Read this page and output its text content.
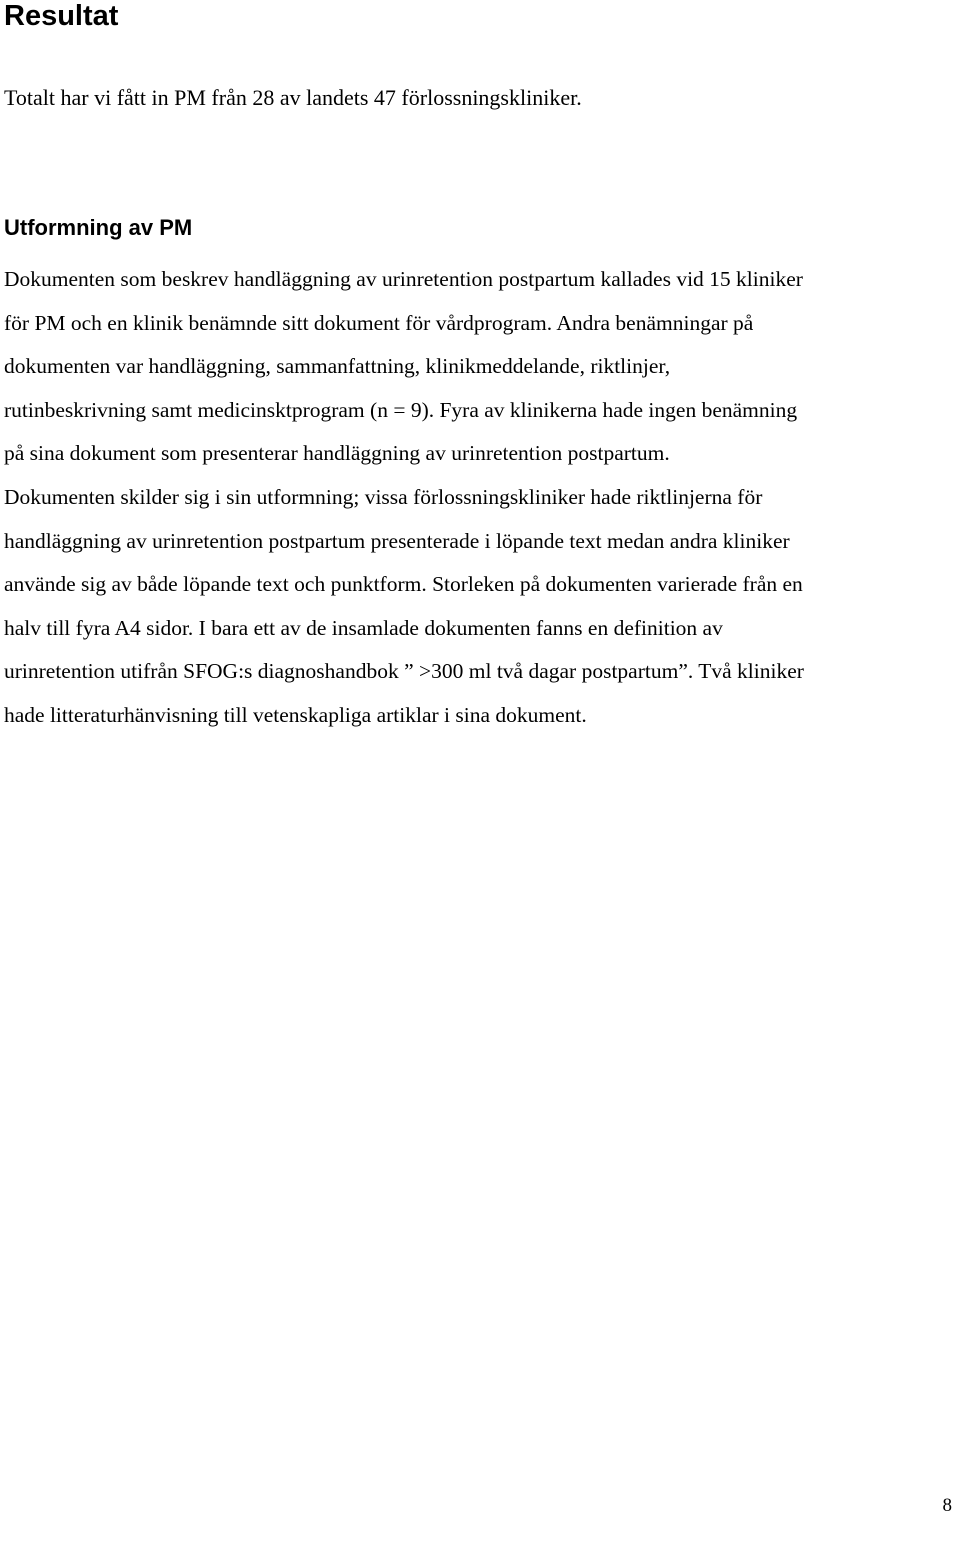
Resultat

Totalt har vi fått in PM från 28 av landets 47 förlossningskliniker.

Utformning av PM

Dokumenten som beskrev handläggning av urinretention postpartum kallades vid 15 kliniker
för PM och en klinik benämnde sitt dokument för vårdprogram. Andra benämningar på
dokumenten var handläggning, sammanfattning, klinikmeddelande, riktlinjer,
rutinbeskrivning samt medicinsktprogram (n = 9). Fyra av klinikerna hade ingen benämning
på sina dokument som presenterar handläggning av urinretention postpartum.
Dokumenten skilder sig i sin utformning; vissa förlossningskliniker hade riktlinjerna för
handläggning av urinretention postpartum presenterade i löpande text medan andra kliniker
använde sig av både löpande text och punktform. Storleken på dokumenten varierade från en
halv till fyra A4 sidor. I bara ett av de insamlade dokumenten fanns en definition av
urinretention utifrån SFOG:s diagnoshandbok ” >300 ml två dagar postpartum”. Två kliniker
hade litteraturhänvisning till vetenskapliga artiklar i sina dokument.

8
